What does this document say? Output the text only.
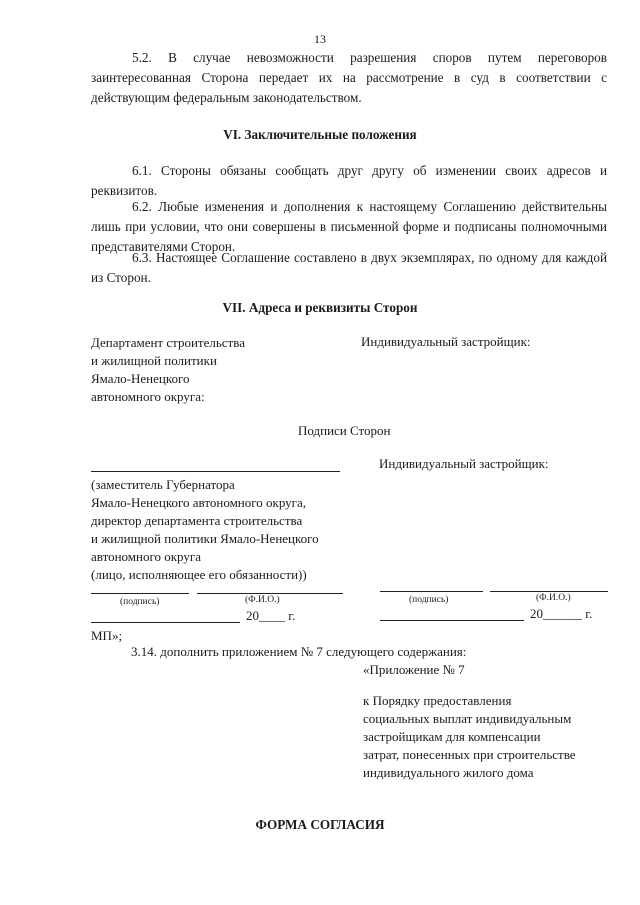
13

5.2. В случае невозможности разрешения споров путем переговоров заинтересованная Сторона передает их на рассмотрение в суд в соответствии с действующим федеральным законодательством.

VI. Заключительные положения

6.1. Стороны обязаны сообщать друг другу об изменении своих адресов и реквизитов.

6.2. Любые изменения и дополнения к настоящему Соглашению действительны лишь при условии, что они совершены в письменной форме и подписаны полномочными представителями Сторон.

6.3. Настоящее Соглашение составлено в двух экземплярах, по одному для каждой из Сторон.

VII. Адреса и реквизиты Сторон

Департамент строительства
и жилищной политики
Ямало-Ненецкого
автономного округа:
Индивидуальный застройщик:
Подписи Сторон
Индивидуальный застройщик:
(заместитель Губернатора
Ямало-Ненецкого автономного округа,
директор департамента строительства
и жилищной политики Ямало-Ненецкого
автономного округа
(лицо, исполняющее его обязанности))
(подпись)	(Ф.И.О.)	(подпись)	(Ф.И.О.)
20____ г.	20______ г.
МП»;
3.14. дополнить приложением № 7 следующего содержания:
«Приложение № 7
к Порядку предоставления
социальных выплат индивидуальным
застройщикам для компенсации
затрат, понесенных при строительстве
индивидуального жилого дома

ФОРМА СОГЛАСИЯ
